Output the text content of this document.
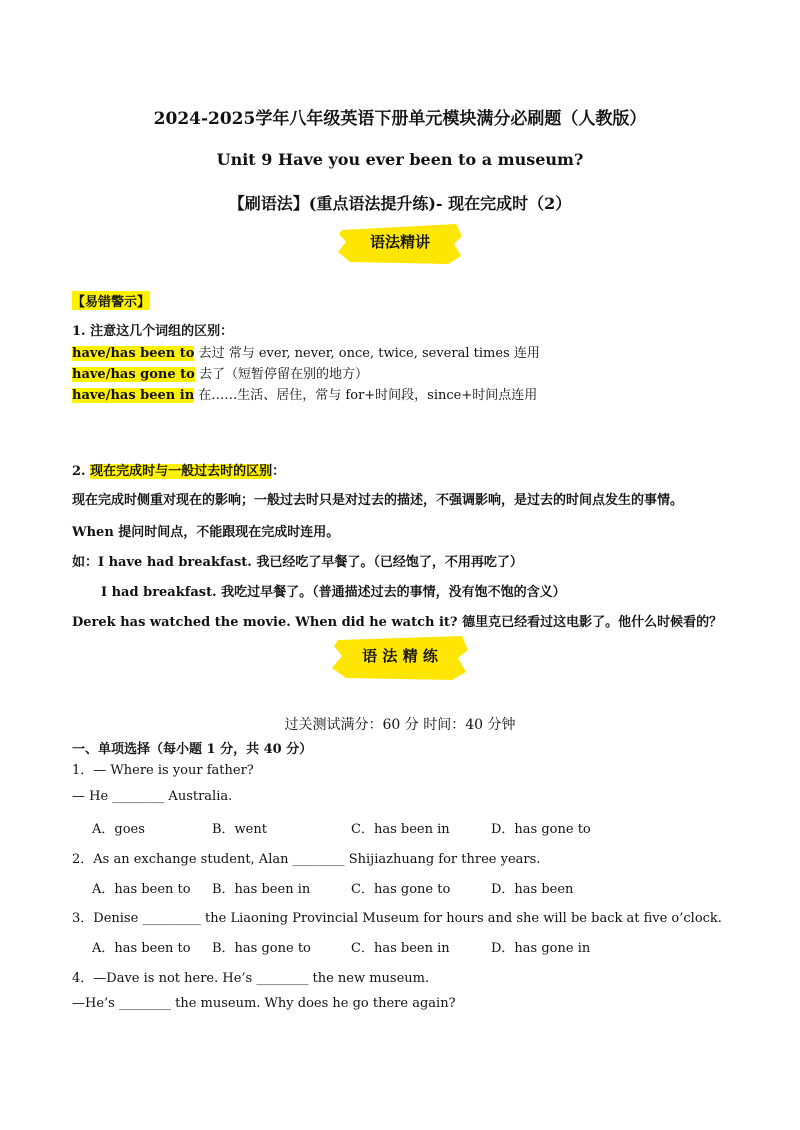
2024-2025学年八年级英语下册单元模块满分必刷题（人教版）
Unit 9 Have you ever been to a museum?
【刷语法】(重点语法提升练)- 现在完成时（2）
语法精讲
【易错警示】
1. 注意这几个词组的区别：
have/has been to 去过 常与 ever, never, once, twice, several times 连用
have/has gone to 去了（短暂停留在别的地方）
have/has been in 在……生活、居住，常与 for+时间段，since+时间点连用
2. 现在完成时与一般过去时的区别：
现在完成时侧重对现在的影响；一般过去时只是对过去的描述，不强调影响，是过去的时间点发生的事情。
When 提问时间点，不能跟现在完成时连用。
如：I have had breakfast. 我已经吃了早餐了。（已经饱了，不用再吃了）
I had breakfast. 我吃过早餐了。（普通描述过去的事情，没有饱不饱的含义）
Derek has watched the movie. When did he watch it? 德里克已经看过这电影了。他什么时候看的？
语 法 精 练
过关测试满分：60 分 时间：40 分钟
一、单项选择（每小题 1 分，共 40 分）
1．— Where is your father?
— He ________ Australia.
A．goes	B．went	C．has been in	D．has gone to
2．As an exchange student, Alan ________ Shijiazhuang for three years.
A．has been to B．has been in	C．has gone to	D．has been
3．Denise _________ the Liaoning Provincial Museum for hours and she will be back at five o’clock.
A．has been to B．has gone to	C．has been in	D．has gone in
4．—Dave is not here. He’s ________ the new museum.
—He’s ________ the museum. Why does he go there again?
